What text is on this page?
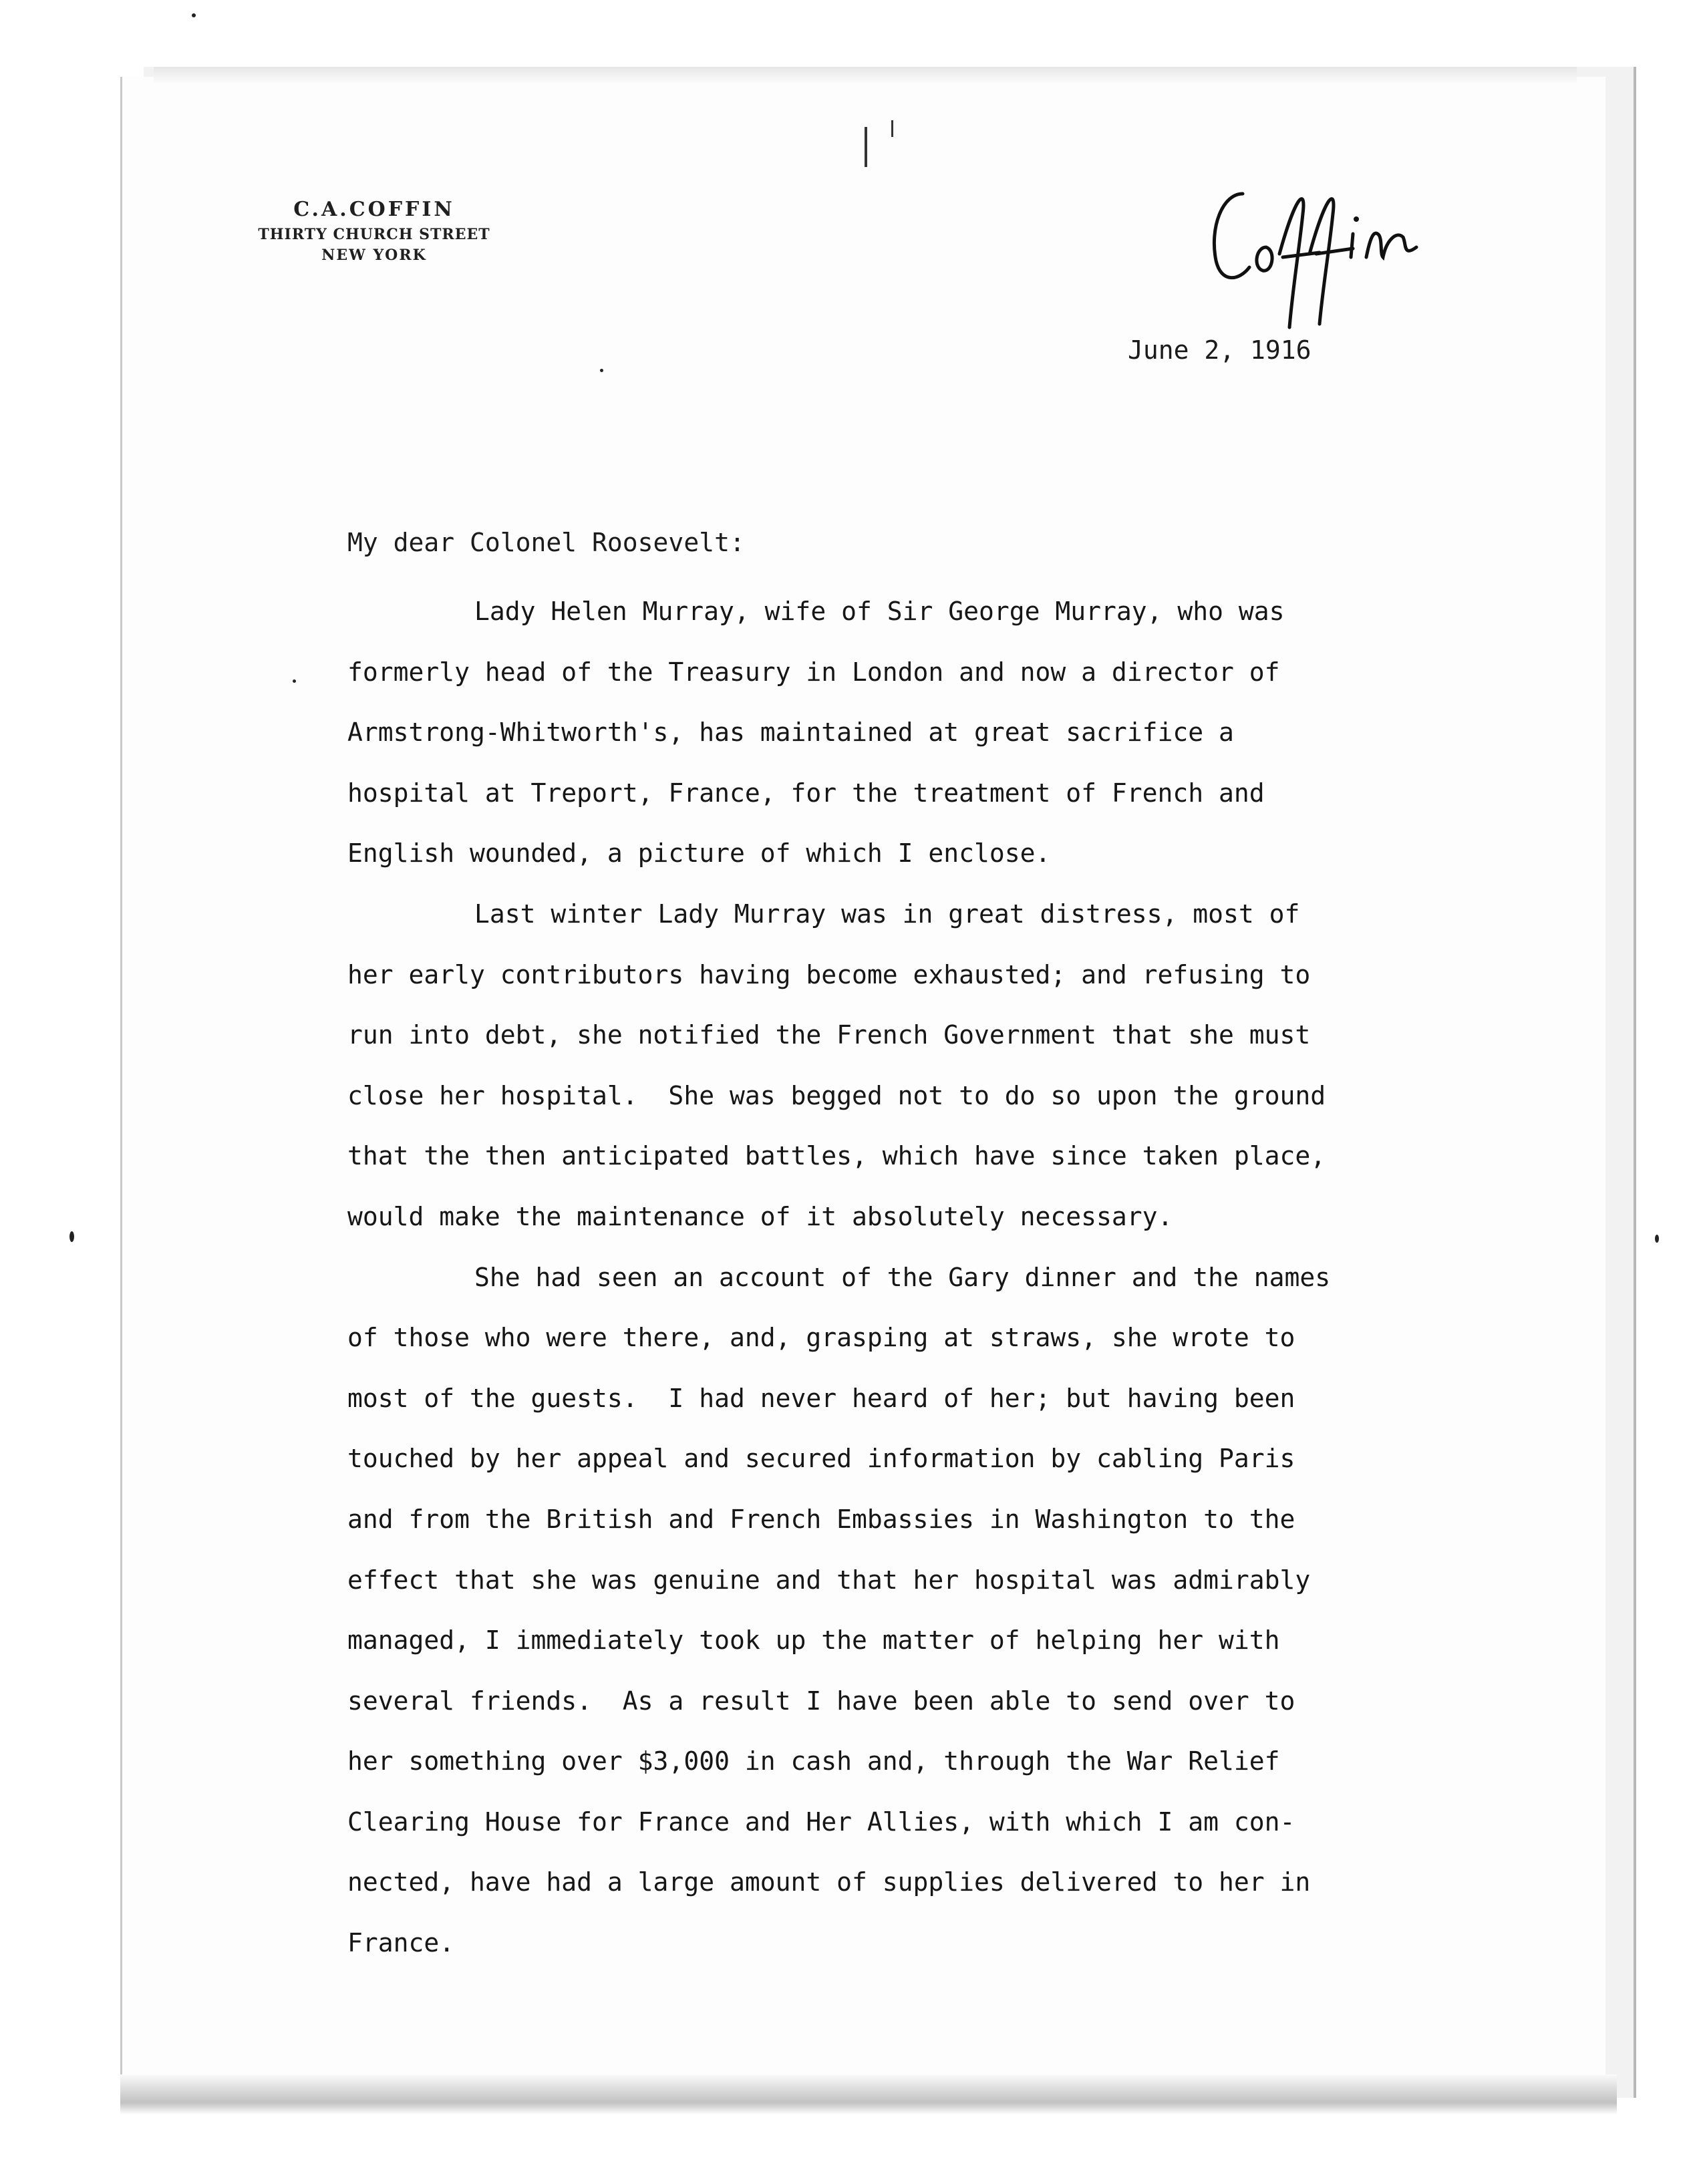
C.A.COFFIN
THIRTY CHURCH STREET
NEW YORK
Coffin
June 2, 1916
My dear Colonel Roosevelt:
Lady Helen Murray, wife of Sir George Murray, who was
formerly head of the Treasury in London and now a director of
Armstrong-Whitworth's, has maintained at great sacrifice a
hospital at Treport, France, for the treatment of French and
English wounded, a picture of which I enclose.
Last winter Lady Murray was in great distress, most of
her early contributors having become exhausted; and refusing to
run into debt, she notified the French Government that she must
close her hospital.  She was begged not to do so upon the ground
that the then anticipated battles, which have since taken place,
would make the maintenance of it absolutely necessary.
She had seen an account of the Gary dinner and the names
of those who were there, and, grasping at straws, she wrote to
most of the guests.  I had never heard of her; but having been
touched by her appeal and secured information by cabling Paris
and from the British and French Embassies in Washington to the
effect that she was genuine and that her hospital was admirably
managed, I immediately took up the matter of helping her with
several friends.  As a result I have been able to send over to
her something over $3,000 in cash and, through the War Relief
Clearing House for France and Her Allies, with which I am con-
nected, have had a large amount of supplies delivered to her in
France.
